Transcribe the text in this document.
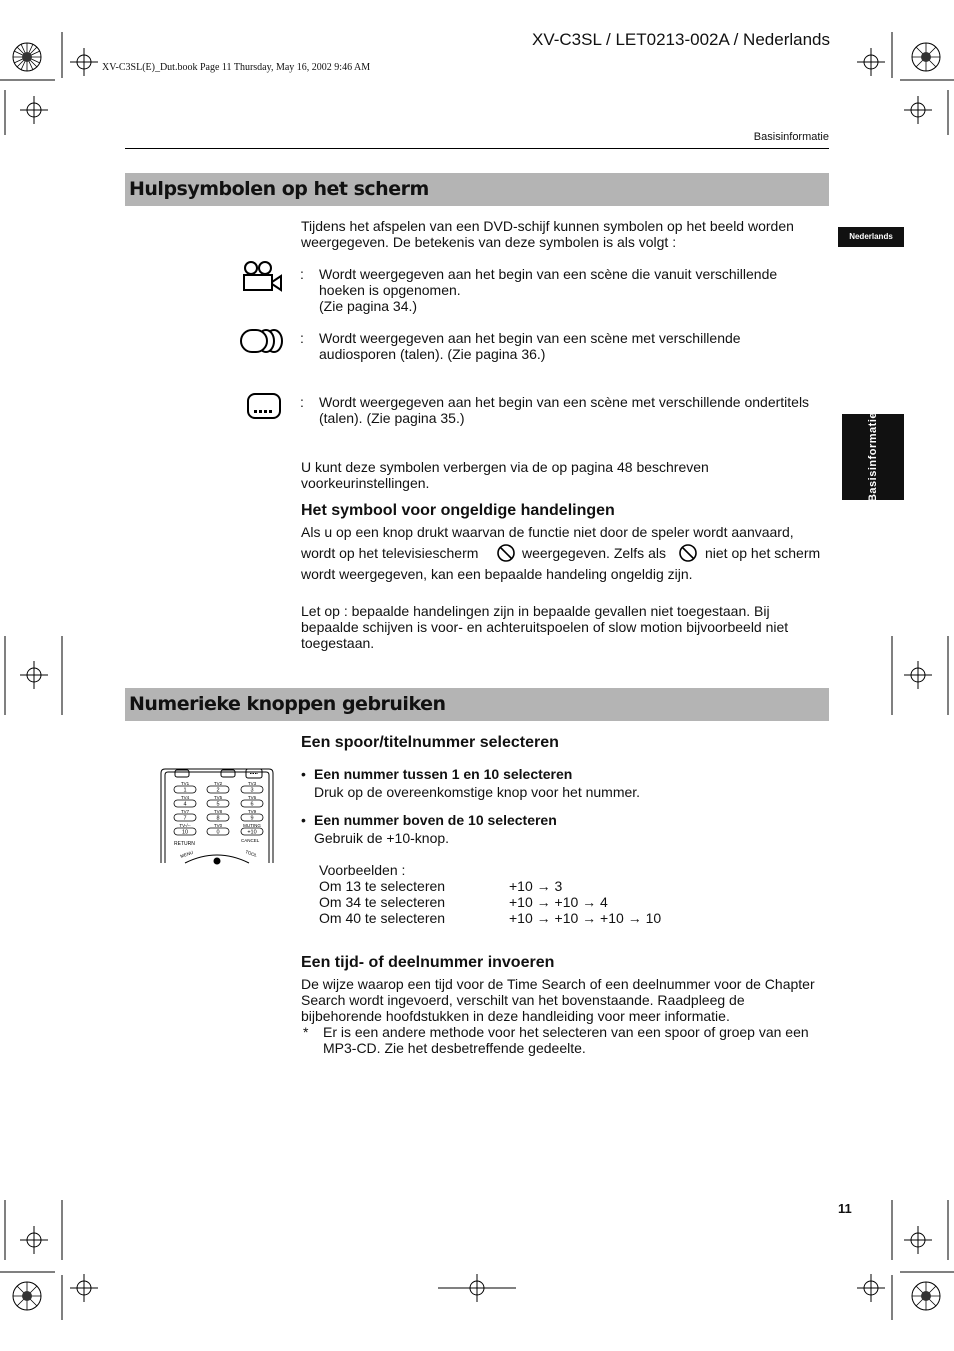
XV-C3SL / LET0213-002A / Nederlands
XV-C3SL(E)_Dut.book Page 11 Thursday, May 16, 2002 9:46 AM
Basisinformatie
Nederlands
Basisinformatie
Hulpsymbolen op het scherm
Tijdens het afspelen van een DVD-schijf kunnen symbolen op het beeld worden
weergegeven. De betekenis van deze symbolen is als volgt :
: Wordt weergegeven aan het begin van een scène die vanuit verschillende
hoeken is opgenomen.
(Zie pagina 34.)
: Wordt weergegeven aan het begin van een scène met verschillende
audiosporen (talen). (Zie pagina 36.)
: Wordt weergegeven aan het begin van een scène met verschillende ondertitels
(talen). (Zie pagina 35.)
U kunt deze symbolen verbergen via de op pagina 48 beschreven
voorkeurinstellingen.
Het symbool voor ongeldige handelingen
Als u op een knop drukt waarvan de functie niet door de speler wordt aanvaard,
wordt op het televisiescherm	weergegeven. Zelfs als	niet op het scherm
wordt weergegeven, kan een bepaalde handeling ongeldig zijn.
Let op : bepaalde handelingen zijn in bepaalde gevallen niet toegestaan. Bij
bepaalde schijven is voor- en achteruitspoelen of slow motion bijvoorbeeld niet
toegestaan.
Numerieke knoppen gebruiken
Een spoor/titelnummer selecteren
TV1
1
TV2
2
TV3
3
TV4
4
TV5
5
TV6
6
TV7
7
TV8
8
TV9
9
TV-/--
10
TV0
0
MUTING
+10
RETURN
CANCEL
MENU	TOOL
• Een nummer tussen 1 en 10 selecteren
Druk op de overeenkomstige knop voor het nummer.
• Een nummer boven de 10 selecteren
Gebruik de +10-knop.
Voorbeelden :
Om 13 te selecteren	+10 → 3
Om 34 te selecteren	+10 → +10 → 4
Om 40 te selecteren	+10 → +10 → +10 → 10
Een tijd- of deelnummer invoeren
De wijze waarop een tijd voor de Time Search of een deelnummer voor de Chapter
Search wordt ingevoerd, verschilt van het bovenstaande. Raadpleeg de
bijbehorende hoofdstukken in deze handleiding voor meer informatie.
* Er is een andere methode voor het selecteren van een spoor of groep van een
MP3-CD. Zie het desbetreffende gedeelte.
11
